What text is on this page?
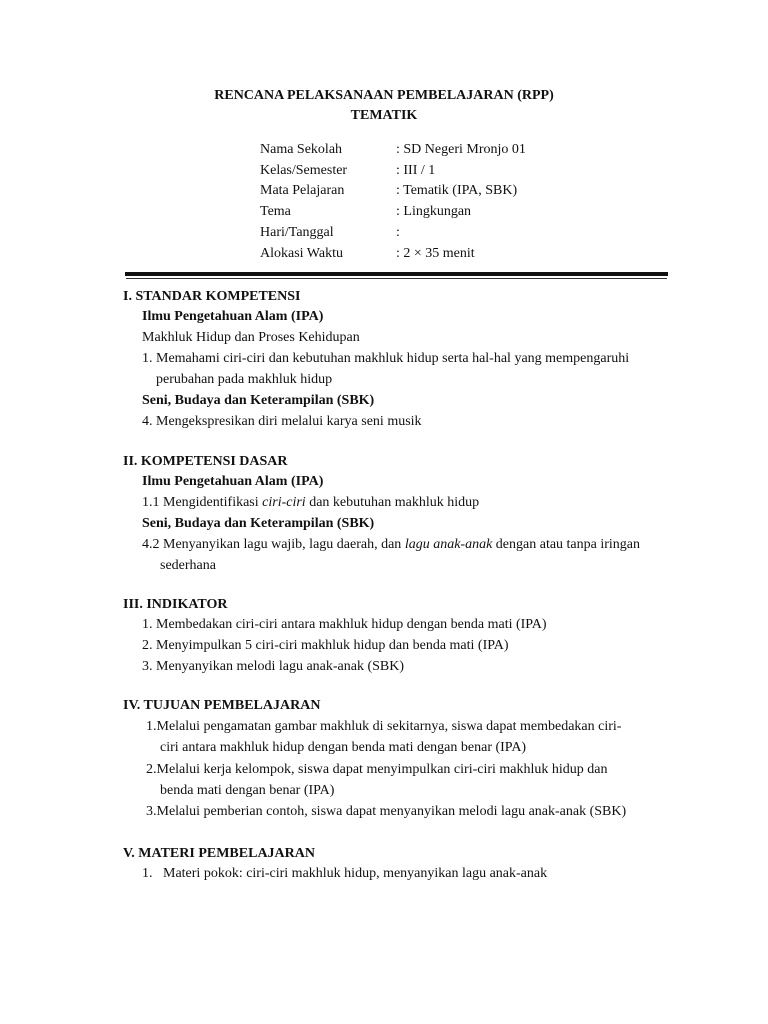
RENCANA PELAKSANAAN PEMBELAJARAN (RPP)
TEMATIK
Nama Sekolah	: SD Negeri Mronjo 01
Kelas/Semester	: III / 1
Mata Pelajaran	: Tematik (IPA, SBK)
Tema	: Lingkungan
Hari/Tanggal	:
Alokasi Waktu	: 2 × 35 menit
I. STANDAR KOMPETENSI
Ilmu Pengetahuan Alam (IPA)
Makhluk Hidup dan Proses Kehidupan
1. Memahami ciri-ciri dan kebutuhan makhluk hidup serta hal-hal yang mempengaruhi
perubahan pada makhluk hidup
Seni, Budaya dan Keterampilan (SBK)
4. Mengekspresikan diri melalui karya seni musik
II. KOMPETENSI DASAR
Ilmu Pengetahuan Alam (IPA)
1.1 Mengidentifikasi ciri-ciri dan kebutuhan makhluk hidup
Seni, Budaya dan Keterampilan (SBK)
4.2 Menyanyikan lagu wajib, lagu daerah, dan lagu anak-anak dengan atau tanpa iringan
sederhana
III. INDIKATOR
1. Membedakan ciri-ciri antara makhluk hidup dengan benda mati (IPA)
2. Menyimpulkan 5 ciri-ciri makhluk hidup dan benda mati (IPA)
3. Menyanyikan melodi lagu anak-anak (SBK)
IV. TUJUAN PEMBELAJARAN
1.Melalui pengamatan gambar makhluk di sekitarnya, siswa dapat membedakan ciri-
ciri antara makhluk hidup dengan benda mati dengan benar (IPA)
2.Melalui kerja kelompok, siswa dapat menyimpulkan ciri-ciri makhluk hidup dan
benda mati dengan benar (IPA)
3.Melalui pemberian contoh, siswa dapat menyanyikan melodi lagu anak-anak (SBK)
V. MATERI PEMBELAJARAN
1.   Materi pokok: ciri-ciri makhluk hidup, menyanyikan lagu anak-anak
